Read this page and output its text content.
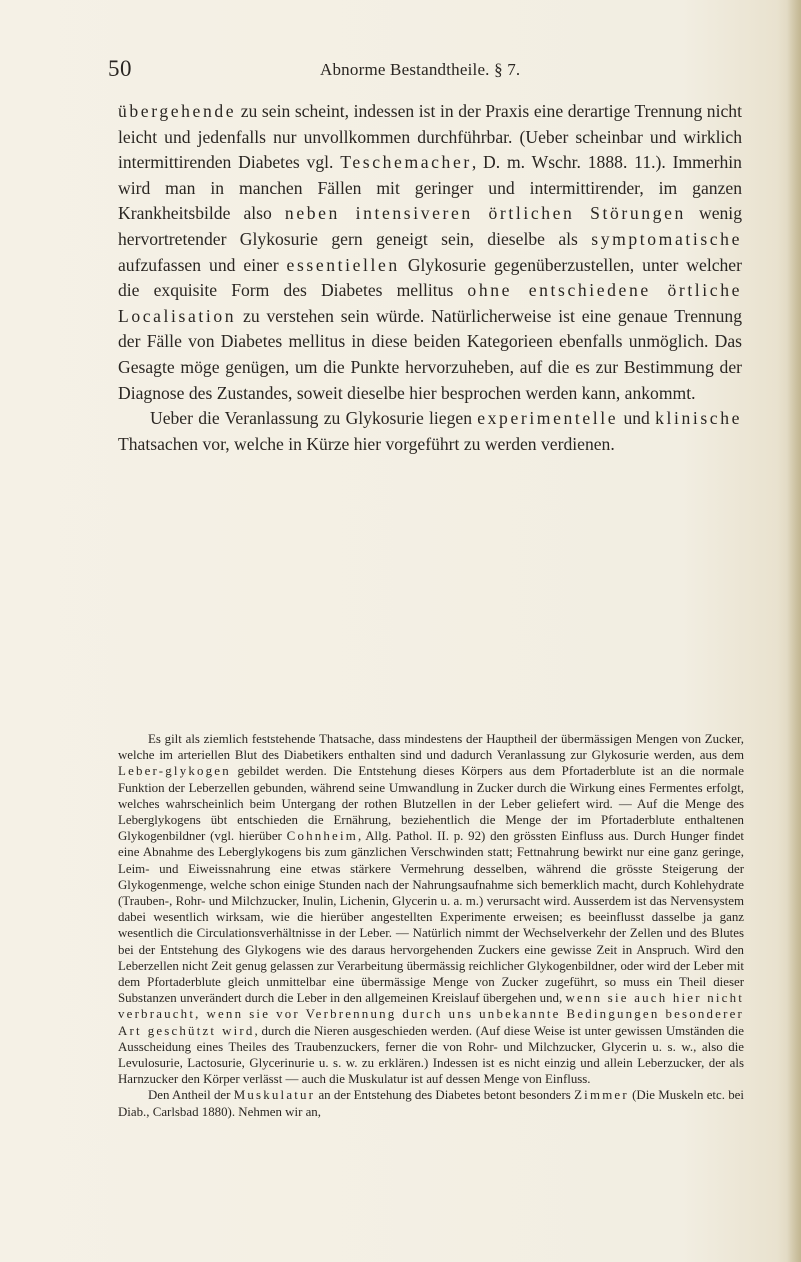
50	Abnorme Bestandtheile. § 7.

übergehende zu sein scheint, indessen ist in der Praxis eine derartige Trennung nicht leicht und jedenfalls nur unvollkommen durchführbar. (Ueber scheinbar und wirklich intermittirenden Diabetes vgl. Teschemacher, D. m. Wschr. 1888. 11.). Immerhin wird man in manchen Fällen mit geringer und intermittirender, im ganzen Krankheitsbilde also neben intensiveren örtlichen Störungen wenig hervortretender Glykosurie gern geneigt sein, dieselbe als symptomatische aufzufassen und einer essentiellen Glykosurie gegenüberzustellen, unter welcher die exquisite Form des Diabetes mellitus ohne entschiedene örtliche Localisation zu verstehen sein würde. Natürlicherweise ist eine genaue Trennung der Fälle von Diabetes mellitus in diese beiden Kategorieen ebenfalls unmöglich. Das Gesagte möge genügen, um die Punkte hervorzuheben, auf die es zur Bestimmung der Diagnose des Zustandes, soweit dieselbe hier besprochen werden kann, ankommt.

Ueber die Veranlassung zu Glykosurie liegen experimentelle und klinische Thatsachen vor, welche in Kürze hier vorgeführt zu werden verdienen.

Es gilt als ziemlich feststehende Thatsache, dass mindestens der Hauptheil der übermässigen Mengen von Zucker, welche im arteriellen Blut des Diabetikers enthalten sind und dadurch Veranlassung zur Glykosurie werden, aus dem Leber-glykogen gebildet werden. Die Entstehung dieses Körpers aus dem Pfortaderblute ist an die normale Funktion der Leberzellen gebunden, während seine Umwandlung in Zucker durch die Wirkung eines Fermentes erfolgt, welches wahrscheinlich beim Untergang der rothen Blutzellen in der Leber geliefert wird. — Auf die Menge des Leberglykogens übt entschieden die Ernährung, beziehentlich die Menge der im Pfortaderblute enthaltenen Glykogenbildner (vgl. hierüber Cohnheim, Allg. Pathol. II. p. 92) den grössten Einfluss aus. Durch Hunger findet eine Abnahme des Leberglykogens bis zum gänzlichen Verschwinden statt; Fettnahrung bewirkt nur eine ganz geringe, Leim- und Eiweissnahrung eine etwas stärkere Vermehrung desselben, während die grösste Steigerung der Glykogenmenge, welche schon einige Stunden nach der Nahrungsaufnahme sich bemerklich macht, durch Kohlehydrate (Trauben-, Rohr- und Milchzucker, Inulin, Lichenin, Glycerin u. a. m.) verursacht wird. Ausserdem ist das Nervensystem dabei wesentlich wirksam, wie die hierüber angestellten Experimente erweisen; es beeinflusst dasselbe ja ganz wesentlich die Circulationsverhältnisse in der Leber. — Natürlich nimmt der Wechselverkehr der Zellen und des Blutes bei der Entstehung des Glykogens wie des daraus hervorgehenden Zuckers eine gewisse Zeit in Anspruch. Wird den Leberzellen nicht Zeit genug gelassen zur Verarbeitung übermässig reichlicher Glykogenbildner, oder wird der Leber mit dem Pfortaderblute gleich unmittelbar eine übermässige Menge von Zucker zugeführt, so muss ein Theil dieser Substanzen unverändert durch die Leber in den allgemeinen Kreislauf übergehen und, wenn sie auch hier nicht verbraucht, wenn sie vor Verbrennung durch uns unbekannte Bedingungen besonderer Art geschützt wird, durch die Nieren ausgeschieden werden. (Auf diese Weise ist unter gewissen Umständen die Ausscheidung eines Theiles des Traubenzuckers, ferner die von Rohr- und Milchzucker, Glycerin u. s. w., also die Levulosurie, Lactosurie, Glycerinurie u. s. w. zu erklären.) Indessen ist es nicht einzig und allein Leberzucker, der als Harnzucker den Körper verlässt — auch die Muskulatur ist auf dessen Menge von Einfluss.

Den Antheil der Muskulatur an der Entstehung des Diabetes betont besonders Zimmer (Die Muskeln etc. bei Diab., Carlsbad 1880). Nehmen wir an,
